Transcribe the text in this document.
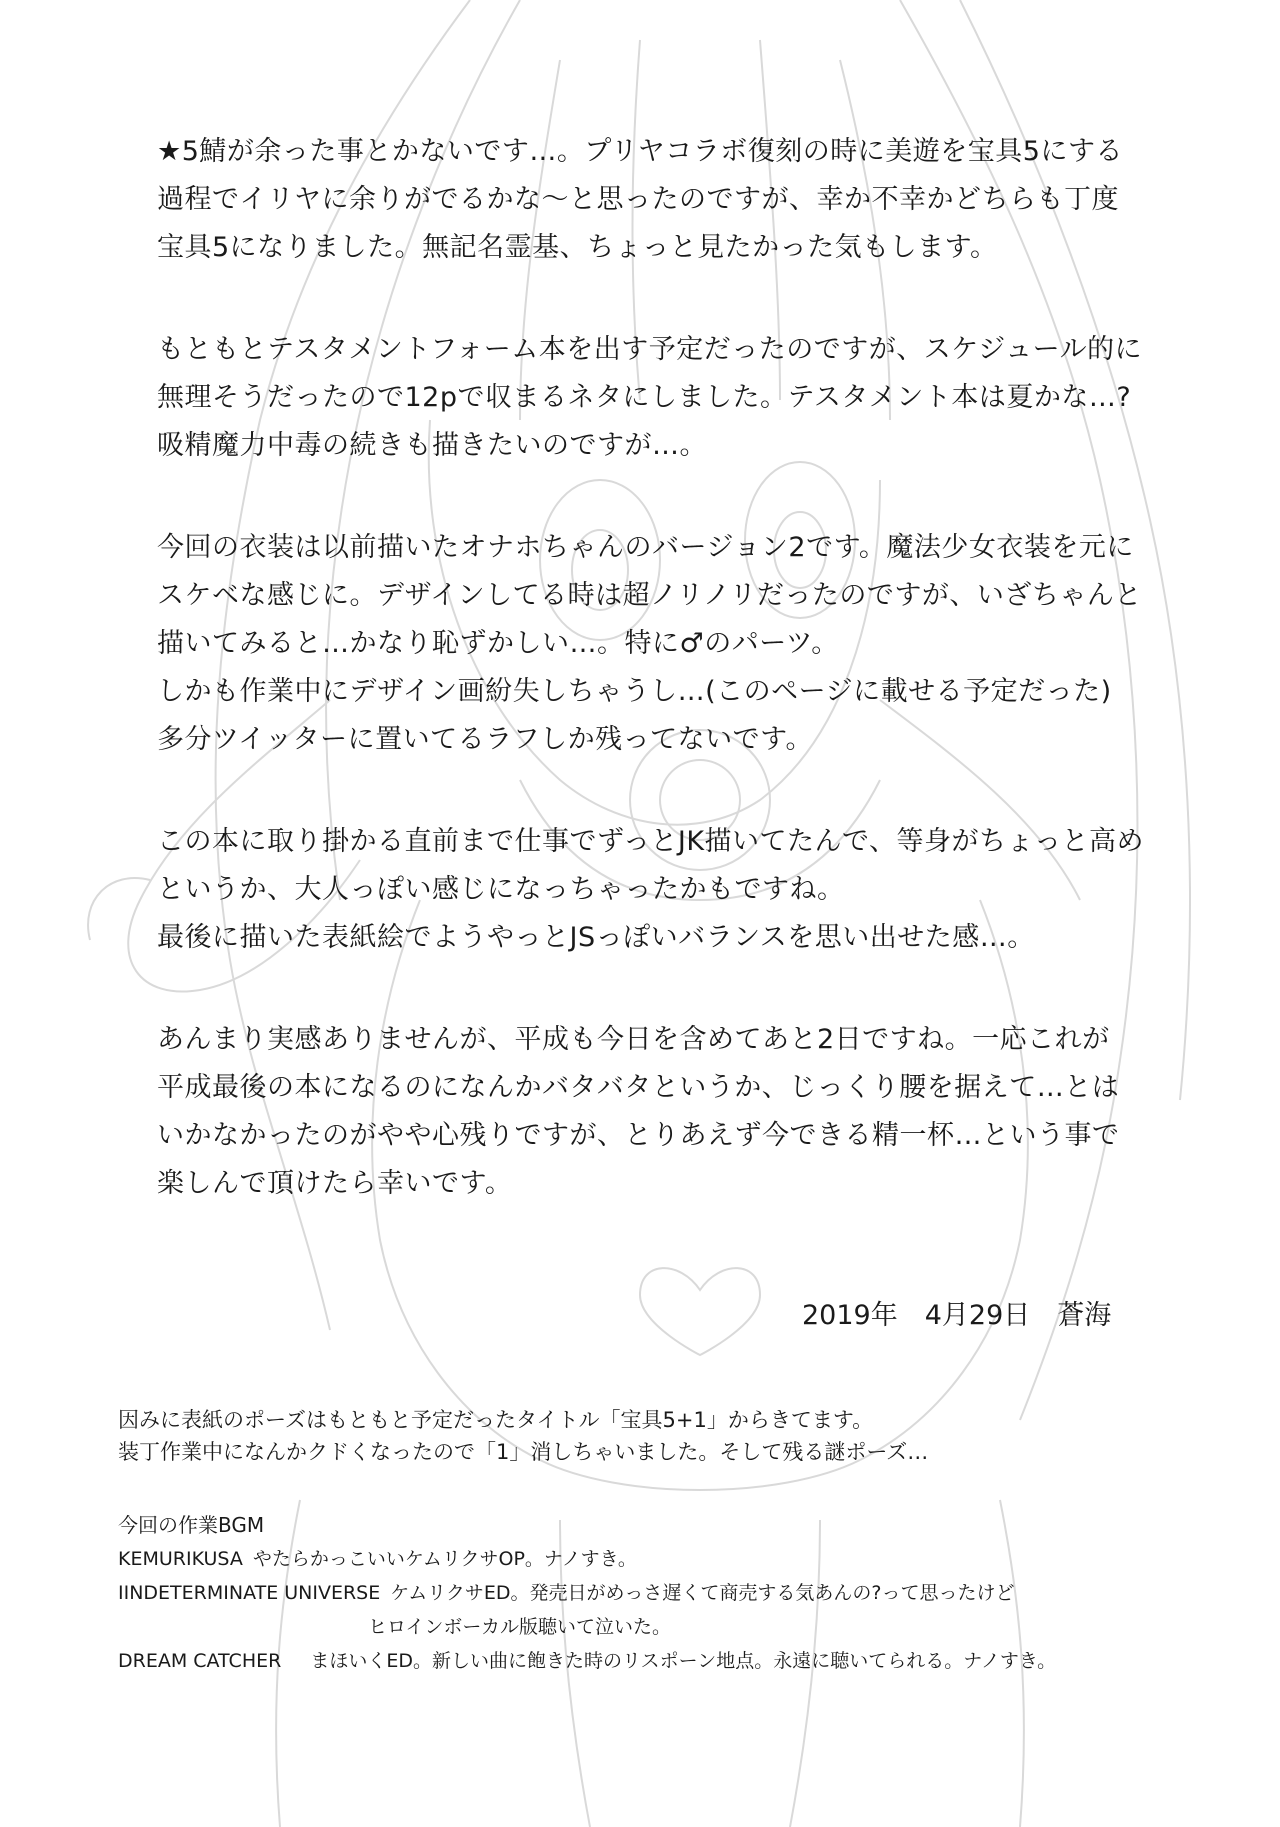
★5鯖が余った事とかないです…。プリヤコラボ復刻の時に美遊を宝具5にする
過程でイリヤに余りがでるかな〜と思ったのですが、幸か不幸かどちらも丁度
宝具5になりました。無記名霊基、ちょっと見たかった気もします。
もともとテスタメントフォーム本を出す予定だったのですが、スケジュール的に
無理そうだったので12pで収まるネタにしました。テスタメント本は夏かな…?
吸精魔力中毒の続きも描きたいのですが…。
今回の衣装は以前描いたオナホちゃんのバージョン2です。魔法少女衣装を元に
スケベな感じに。デザインしてる時は超ノリノリだったのですが、いざちゃんと
描いてみると…かなり恥ずかしい…。特に♂のパーツ。
しかも作業中にデザイン画紛失しちゃうし…(このページに載せる予定だった)
多分ツイッターに置いてるラフしか残ってないです。
この本に取り掛かる直前まで仕事でずっとJK描いてたんで、等身がちょっと高め
というか、大人っぽい感じになっちゃったかもですね。
最後に描いた表紙絵でようやっとJSっぽいバランスを思い出せた感…。
あんまり実感ありませんが、平成も今日を含めてあと2日ですね。一応これが
平成最後の本になるのになんかバタバタというか、じっくり腰を据えて…とは
いかなかったのがやや心残りですが、とりあえず今できる精一杯…という事で
楽しんで頂けたら幸いです。
2019年　4月29日　蒼海
因みに表紙のポーズはもともと予定だったタイトル「宝具5+1」からきてます。
装丁作業中になんかクドくなったので「1」消しちゃいました。そして残る謎ポーズ…
今回の作業BGM
KEMURIKUSA やたらかっこいいケムリクサOP。ナノすき。
IINDETERMINATE UNIVERSE ケムリクサED。発売日がめっさ遅くて商売する気あんの?って思ったけど
ヒロインボーカル版聴いて泣いた。
DREAM CATCHER　まほいくED。新しい曲に飽きた時のリスポーン地点。永遠に聴いてられる。ナノすき。
